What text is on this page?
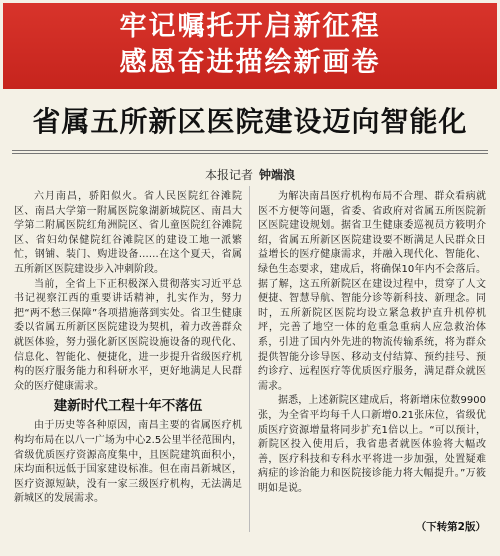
牢记嘱托开启新征程
感恩奋进描绘新画卷
省属五所新区医院建设迈向智能化
本报记者 钟端浪

六月南昌，骄阳似火。省人民医院红谷滩院区、南昌大学第一附属医院象湖新城院区、南昌大学第二附属医院红角洲院区、省儿童医院红谷滩院区、省妇幼保健院红谷滩院区的建设工地一派繁忙，钢铺、装门、购进设备……在这个夏天，省属五所新区医院建设步入冲刺阶段。

当前，全省上下正积极深入贯彻落实习近平总书记视察江西的重要讲话精神，扎实作为，努力把“两不愁三保障”各项措施落到实处。省卫生健康委以省属五所新区医院建设为契机，着力改善群众就医体验，努力强化新区医院设施设备的现代化、信息化、智能化、便捷化，进一步提升省级医疗机构的医疗服务能力和科研水平，更好地满足人民群众的医疗健康需求。

建新时代工程十年不落伍

由于历史等各种原因，南昌主要的省属医疗机构均布局在以八一广场为中心2.5公里半径范围内，省级优质医疗资源高度集中，且医院建筑面积小，床均面积远低于国家建设标准。但在南昌新城区，医疗资源短缺，没有一家三级医疗机构，无法满足新城区的发展需求。

为解决南昌医疗机构布局不合理、群众看病就医不方便等问题，省委、省政府对省属五所医院新区医院建设规划。据省卫生健康委巡视员方筱明介绍，省属五所新区医院建设要不断满足人民群众日益增长的医疗健康需求，并融入现代化、智能化、绿色生态要求，建成后，将确保10年内不会落后。据了解，这五所新院区在建设过程中，贯穿了人文便捷、智慧导航、智能分诊等新科技、新理念。同时，五所新院区医院均设立紧急救护直升机停机坪，完善了地空一体的危重急重病人应急救治体系，引进了国内外先进的物流传输系统，将为群众提供智能分诊导医、移动支付结算、预约挂号、预约诊疗、远程医疗等优质医疗服务，满足群众就医需求。

据悉，上述新院区建成后，将新增床位数9900张，为全省平均每千人口新增0.21张床位，省级优质医疗资源增量将同步扩充1倍以上。“可以预计，新院区投入使用后，我省患者就医体验将大幅改善，医疗科技和专科水平将进一步加强，处置疑难病症的诊治能力和医院接诊能力将大幅提升。”万筱明如是说。

（下转第2版）
